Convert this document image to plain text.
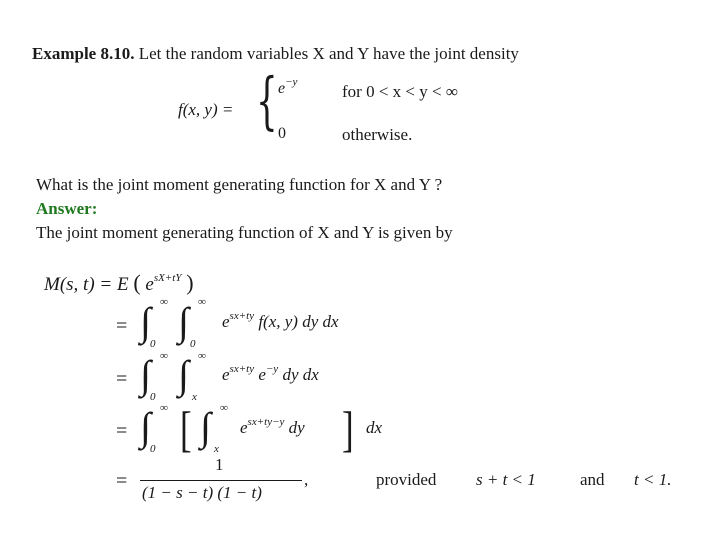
Example 8.10. Let the random variables X and Y have the joint density
f(x, y) = { $e^{-y}$	for 0 < x < y < ∞
0	otherwise.
What is the joint moment generating function for X and Y ?
Answer:
The joint moment generating function of X and Y is given by
M(s, t) = E ( $e^{sX+tY}$ )
= ∫ ∞
0 ∫ ∞
0
$e^{sx+ty}$ f(x, y) dy dx
= ∫ ∞
0 ∫ ∞
x
$e^{sx+ty}$ $e^{-y}$ dy dx
= ∫ ∞
0 [ ∫ ∞
x
$e^{sx+ty-y}$ dy ] dx
=
1
(1 − s − t) (1 − t)
,	provided s + t < 1	and t < 1.
